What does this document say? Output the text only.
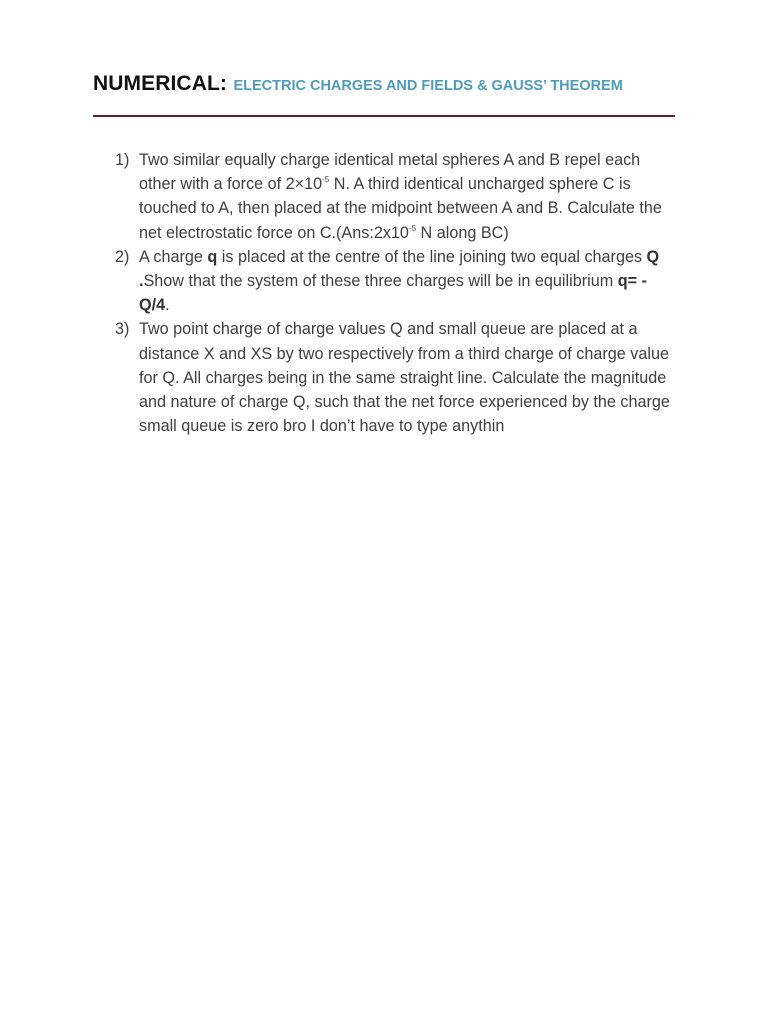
NUMERICAL: ELECTRIC CHARGES AND FIELDS & GAUSS’ THEOREM
1) Two similar equally charge identical metal spheres A and B repel each other with a force of $2\times 10^{-5}$ N. A third identical uncharged sphere C is touched to A, then placed at the midpoint between A and B. Calculate the net electrostatic force on $C.(Ans:2x10^{-5}$ N along BC)
2) A charge q is placed at the centre of the line joining two equal charges Q .Show that the system of these three charges will be in equilibrium q= -Q/4.
3) Two point charge of charge values Q and small queue are placed at a distance X and XS by two respectively from a third charge of charge value for Q. All charges being in the same straight line. Calculate the magnitude and nature of charge Q, such that the net force experienced by the charge small queue is zero bro I don’t have to type anythin
